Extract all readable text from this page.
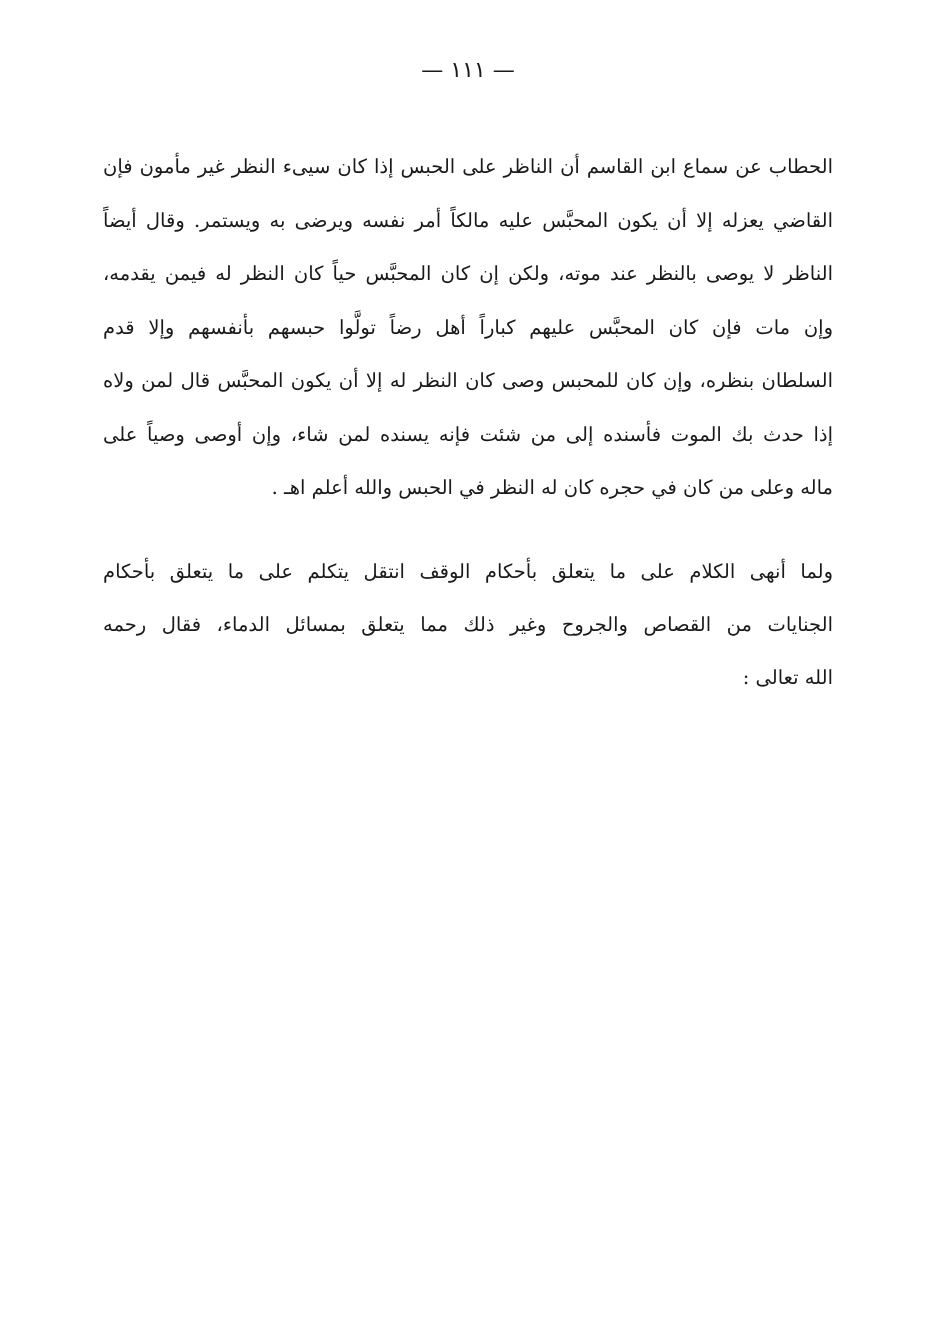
— ١١١ —
الحطاب عن سماع ابن القاسم أن الناظر على الحبس إذا كان سيىء النظر غير مأمون فإن
القاضي يعزله إلا أن يكون المحبَّس عليه مالكاً أمر نفسه ويرضى به ويستمر. وقال أيضاً
الناظر لا يوصى بالنظر عند موته، ولكن إن كان المحبَّس حياً كان النظر له فيمن يقدمه،
وإن مات فإن كان المحبَّس عليهم كباراً أهل رضاً تولَّوا حبسهم بأنفسهم وإلا قدم
السلطان بنظره، وإن كان للمحبس وصى كان النظر له إلا أن يكون المحبَّس قال لمن ولاه
إذا حدث بك الموت فأسنده إلى من شئت فإنه يسنده لمن شاء، وإن أوصى وصياً على
ماله وعلى من كان في حجره كان له النظر في الحبس والله أعلم اهـ .
ولما أنهى الكلام على ما يتعلق بأحكام الوقف انتقل يتكلم على ما يتعلق بأحكام
الجنايات من القصاص والجروح وغير ذلك مما يتعلق بمسائل الدماء، فقال رحمه
الله تعالى :
